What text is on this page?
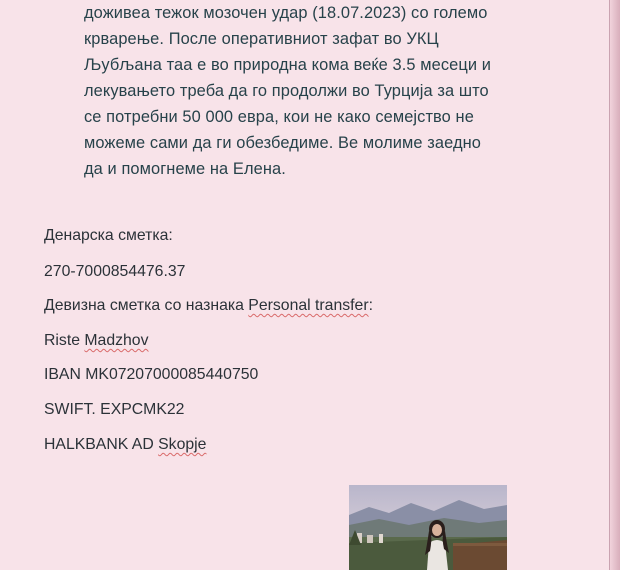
доживеа тежок мозочен удар (18.07.2023) со големо
крварење. После оперативниот зафат во УКЦ
Љубљана таа е во природна кома веќе 3.5 месеци и
лекувањето треба да го продолжи во Турција за што
се потребни 50 000 евра, кои не како семејство не
можеме сами да ги обезбедиме. Ве молиме заедно
да и помогнеме на Елена.
Денарска сметка:
270-7000854476.37
Девизна сметка со назнака Personal transfer:
Riste Madzhov
IBAN MK07207000085440750
SWIFT. EXPCMK22
HALKBANK AD Skopje
